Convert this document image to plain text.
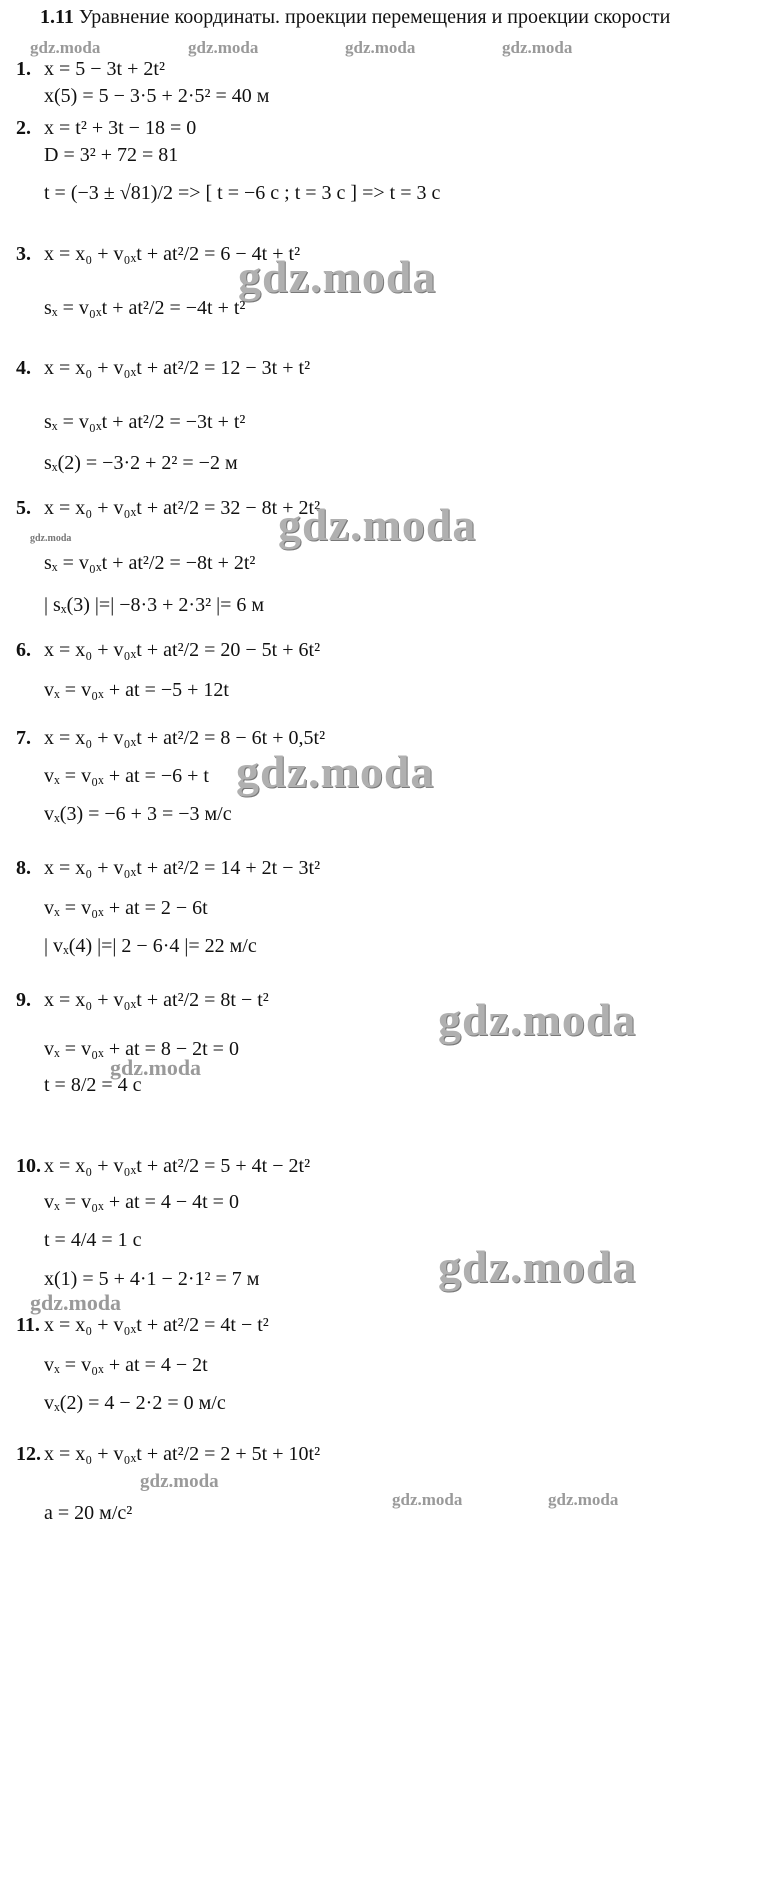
1.11 Уравнение координаты. проекции перемещения и проекции скорости
gdz.moda	gdz.moda	gdz.moda	gdz.moda
1. x = 5 − 3t + 2t²
x(5) = 5 − 3·5 + 2·5² = 40 м
2. x = t² + 3t − 18 = 0
D = 3² + 72 = 81
t = (−3 ± √81)/2 => [ t = −6 с ; t = 3 с ] => t = 3 с
3. x = x₀ + v₀ₓt + at²/2 = 6 − 4t + t²
sₓ = v₀ₓt + at²/2 = −4t + t²
gdz.moda
4. x = x₀ + v₀ₓt + at²/2 = 12 − 3t + t²
sₓ = v₀ₓt + at²/2 = −3t + t²
sₓ(2) = −3·2 + 2² = −2 м
5. x = x₀ + v₀ₓt + at²/2 = 32 − 8t + 2t²
gdz.moda
gdz.moda
sₓ = v₀ₓt + at²/2 = −8t + 2t²
| sₓ(3) |=| −8·3 + 2·3² |= 6 м
6. x = x₀ + v₀ₓt + at²/2 = 20 − 5t + 6t²
vₓ = v₀ₓ + at = −5 + 12t
7. x = x₀ + v₀ₓt + at²/2 = 8 − 6t + 0,5t²
vₓ = v₀ₓ + at = −6 + t gdz.moda
vₓ(3) = −6 + 3 = −3 м/с
8. x = x₀ + v₀ₓt + at²/2 = 14 + 2t − 3t²
vₓ = v₀ₓ + at = 2 − 6t
| vₓ(4) |=| 2 − 6·4 |= 22 м/с
9. x = x₀ + v₀ₓt + at²/2 = 8t − t²	gdz.moda
vₓ = v₀ₓ + at = 8 − 2t = 0
t = 8/2 = 4 с
gdz.moda
10. x = x₀ + v₀ₓt + at²/2 = 5 + 4t − 2t²
vₓ = v₀ₓ + at = 4 − 4t = 0
t = 4/4 = 1 с
gdz.moda
x(1) = 5 + 4·1 − 2·1² = 7 м
gdz.moda
11. x = x₀ + v₀ₓt + at²/2 = 4t − t²
vₓ = v₀ₓ + at = 4 − 2t
vₓ(2) = 4 − 2·2 = 0 м/с
12. x = x₀ + v₀ₓt + at²/2 = 2 + 5t + 10t²
gdz.moda
a = 20 м/с²
gdz.moda	gdz.moda
